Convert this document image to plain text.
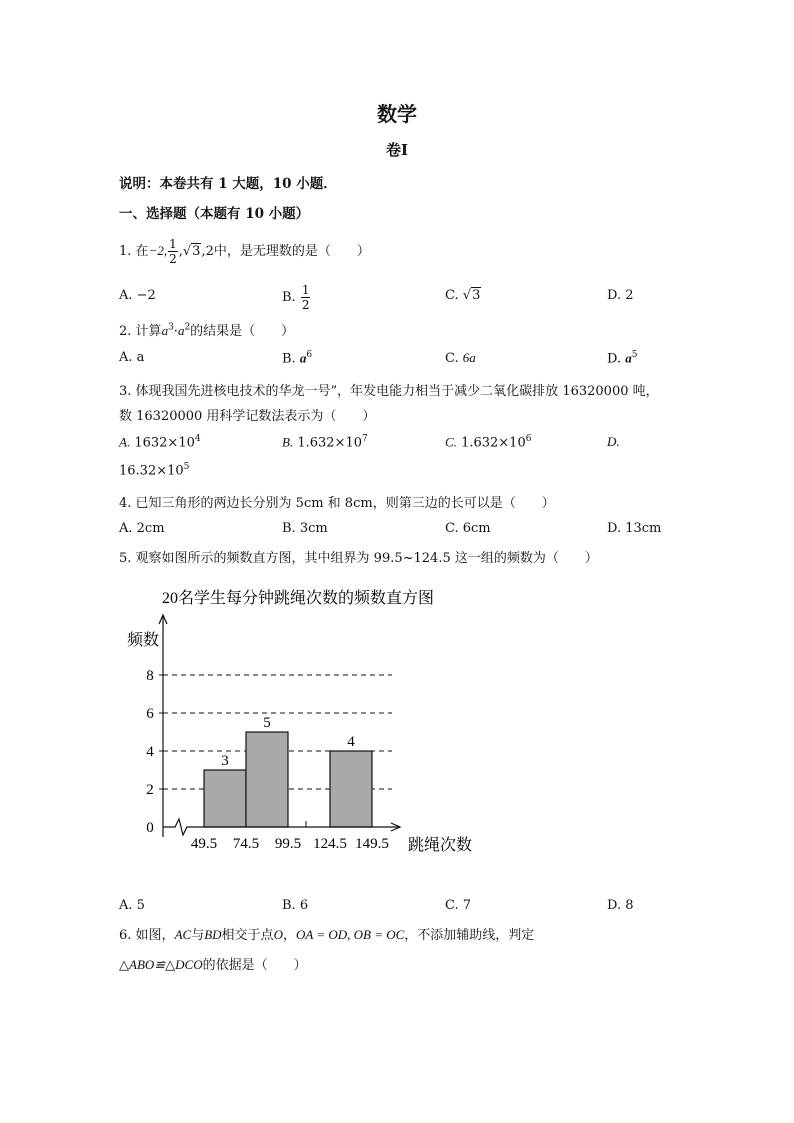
数学
卷Ⅰ
说明：本卷共有 1 大题，10 小题．
一、选择题（本题有 10 小题）
1. 在−2, $\frac{1}{2} ,√3,2$中，是无理数的是（　　）
A. −2	B. $\frac{1}{2}$	C. √3	D. 2
2. 计算$a^3\cdot a^2$的结果是（　　）
A. a	B. $a^6$	C. 6a	D. $a^5$
3. 体现我国先进核电技术的华龙一号”，年发电能力相当于减少二氧化碳排放 16320000 吨，
数 16320000 用科学记数法表示为（　　）
A. $1632\times 10^4$	B. $1.632\times 10^7$	C. $1.632\times 10^6$	D.
$16.32\times 10^5$
4. 已知三角形的两边长分别为 5cm 和 8cm，则第三边的长可以是（　　）
A. 2cm	B. 3cm	C. 6cm	D. 13cm
5. 观察如图所示的频数直方图，其中组界为 99.5~124.5 这一组的频数为（　　）
20名学生每分钟跳绳次数的频数直方图
频数
跳绳次数
3
5
4
0
2
4
6
8
49.5 74.5 99.5 124.5 149.5
A. 5	B. 6	C. 7	D. 8
6. 如图，AC与BD相交于点O，OA = OD, OB = OC，不添加辅助线，判定
△ABO≌△DCO的依据是（　　）
